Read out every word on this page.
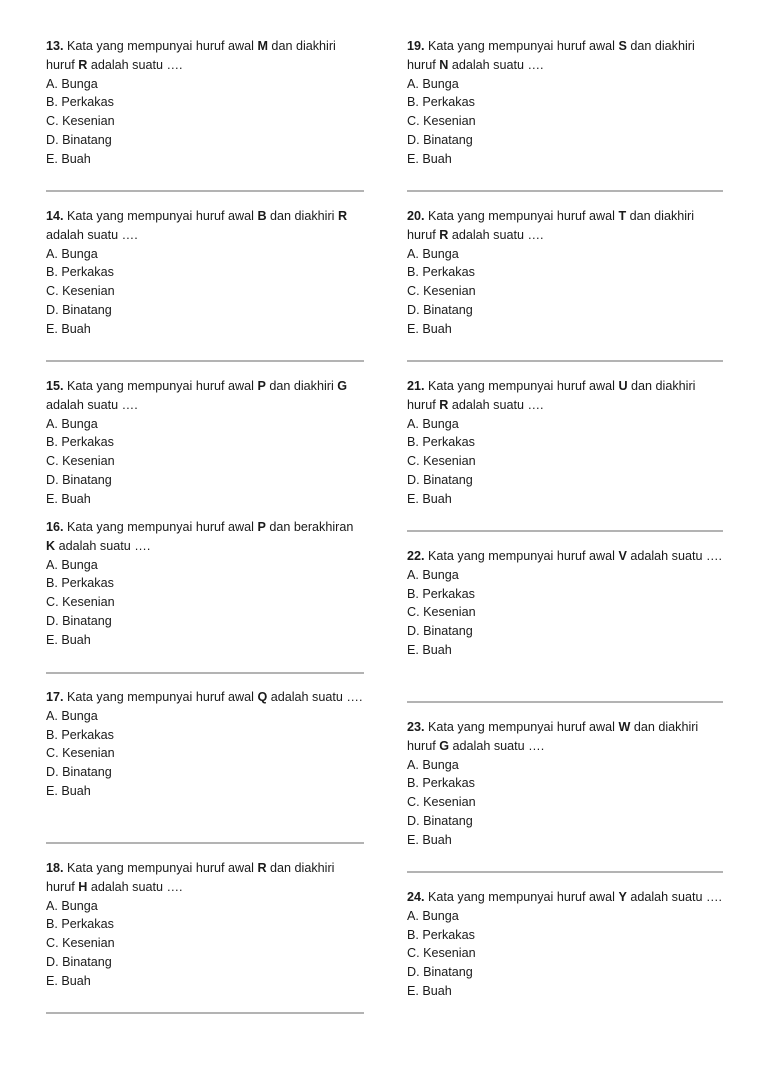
13. Kata yang mempunyai huruf awal M dan diakhiri
huruf R adalah suatu ….

A. Bunga
B. Perkakas
C. Kesenian
D. Binatang
E. Buah

14. Kata yang mempunyai huruf awal B dan diakhiri R adalah suatu ….

A. Bunga
B. Perkakas
C. Kesenian
D. Binatang
E. Buah

15. Kata yang mempunyai huruf awal P dan diakhiri G adalah suatu ….

A. Bunga
B. Perkakas
C. Kesenian
D. Binatang
E. Buah

16. Kata yang mempunyai huruf awal P dan berakhiran K adalah suatu ….

A. Bunga
B. Perkakas
C. Kesenian
D. Binatang
E. Buah

17. Kata yang mempunyai huruf awal Q adalah suatu ….

A. Bunga
B. Perkakas
C. Kesenian
D. Binatang
E. Buah

18. Kata yang mempunyai huruf awal R dan diakhiri
huruf H adalah suatu ….

A. Bunga
B. Perkakas
C. Kesenian
D. Binatang
E. Buah

19. Kata yang mempunyai huruf awal S dan diakhiri
huruf N adalah suatu ….

A. Bunga
B. Perkakas
C. Kesenian
D. Binatang
E. Buah

20. Kata yang mempunyai huruf awal T dan diakhiri
huruf R adalah suatu ….

A. Bunga
B. Perkakas
C. Kesenian
D. Binatang
E. Buah

21. Kata yang mempunyai huruf awal U dan diakhiri
huruf R adalah suatu ….

A. Bunga
B. Perkakas
C. Kesenian
D. Binatang
E. Buah

22. Kata yang mempunyai huruf awal V adalah suatu ….

A. Bunga
B. Perkakas
C. Kesenian
D. Binatang
E. Buah

23. Kata yang mempunyai huruf awal W dan diakhiri
huruf G adalah suatu ….

A. Bunga
B. Perkakas
C. Kesenian
D. Binatang
E. Buah

24. Kata yang mempunyai huruf awal Y adalah suatu ….

A. Bunga
B. Perkakas
C. Kesenian
D. Binatang
E. Buah
